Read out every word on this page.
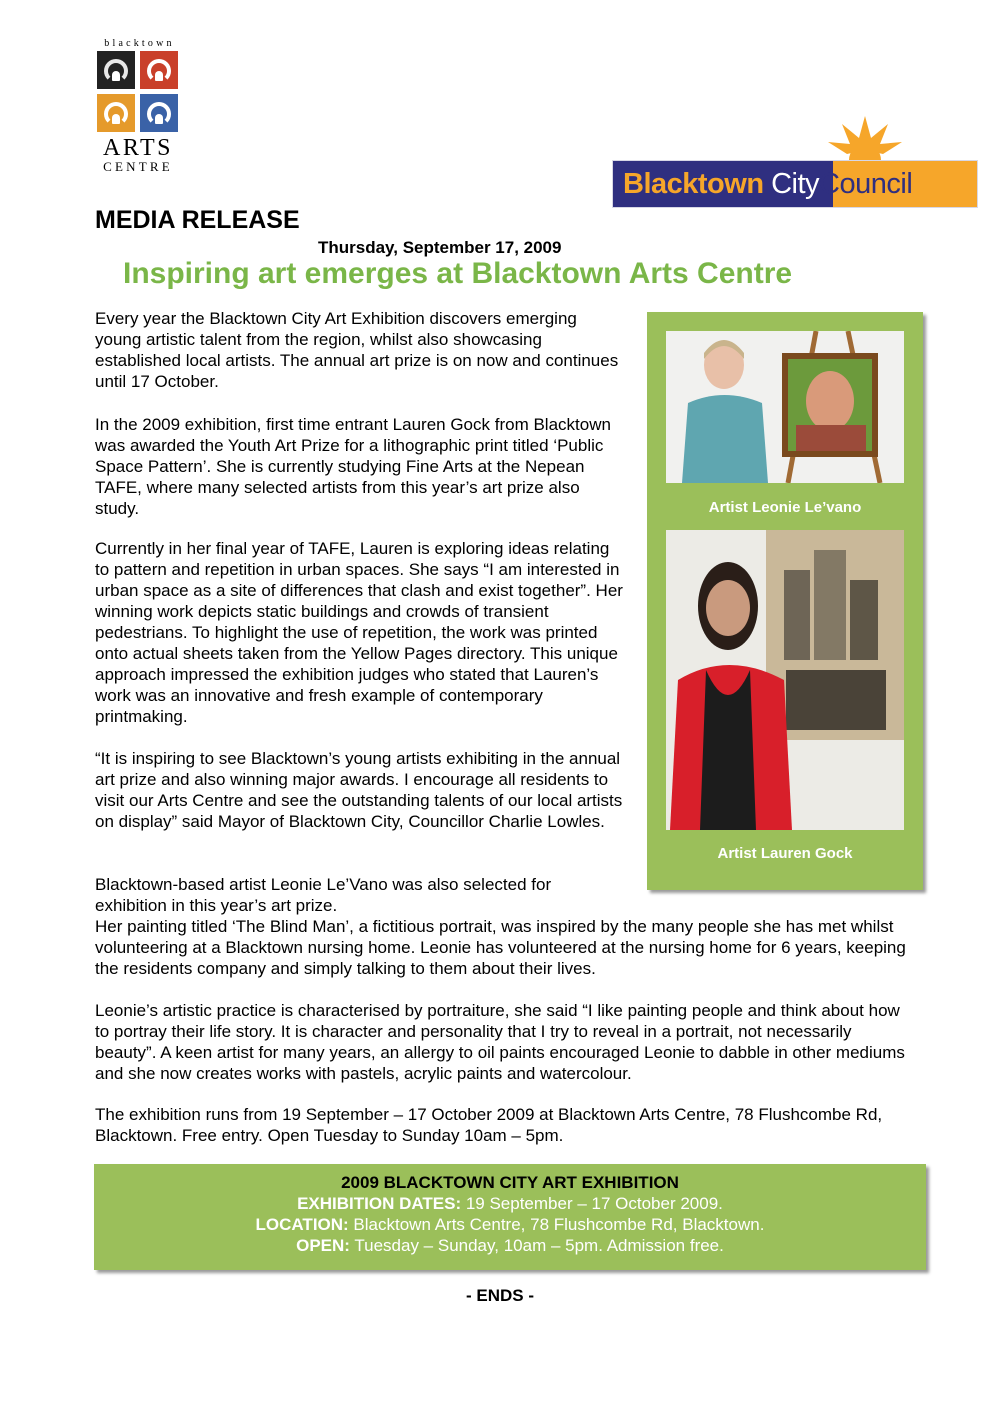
blacktown
ARTS
CENTRE
Blacktown CityCouncil
MEDIA RELEASE
Thursday, September 17, 2009
Inspiring art emerges at Blacktown Arts Centre

Every year the Blacktown City Art Exhibition discovers emerging young artistic talent from the region, whilst also showcasing established local artists. The annual art prize is on now and continues until 17 October.

In the 2009 exhibition, first time entrant Lauren Gock from Blacktown was awarded the Youth Art Prize for a lithographic print titled ‘Public Space Pattern’. She is currently studying Fine Arts at the Nepean TAFE, where many selected artists from this year’s art prize also study.

Currently in her final year of TAFE, Lauren is exploring ideas relating to pattern and repetition in urban spaces. She says “I am interested in urban space as a site of differences that clash and exist together”. Her winning work depicts static buildings and crowds of transient pedestrians. To highlight the use of repetition, the work was printed onto actual sheets taken from the Yellow Pages directory. This unique approach impressed the exhibition judges who stated that Lauren’s work was an innovative and fresh example of contemporary printmaking.

“It is inspiring to see Blacktown’s young artists exhibiting in the annual art prize and also winning major awards. I encourage all residents to visit our Arts Centre and see the outstanding talents of our local artists on display” said Mayor of Blacktown City, Councillor Charlie Lowles.

Blacktown-based artist Leonie Le’Vano was also selected for exhibition in this year’s art prize.

Her painting titled ‘The Blind Man’, a fictitious portrait, was inspired by the many people she has met whilst volunteering at a Blacktown nursing home. Leonie has volunteered at the nursing home for 6 years, keeping the residents company and simply talking to them about their lives.

Leonie’s artistic practice is characterised by portraiture, she said “I like painting people and think about how to portray their life story. It is character and personality that I try to reveal in a portrait, not necessarily beauty”. A keen artist for many years, an allergy to oil paints encouraged Leonie to dabble in other mediums and she now creates works with pastels, acrylic paints and watercolour.

The exhibition runs from 19 September – 17 October 2009 at Blacktown Arts Centre, 78 Flushcombe Rd, Blacktown. Free entry. Open Tuesday to Sunday 10am – 5pm.

Artist Leonie Le’vano
Artist Lauren Gock
2009 BLACKTOWN CITY ART EXHIBITION
EXHIBITION DATES: 19 September – 17 October 2009.
LOCATION: Blacktown Arts Centre, 78 Flushcombe Rd, Blacktown.
OPEN: Tuesday – Sunday, 10am – 5pm. Admission free.
- ENDS -
